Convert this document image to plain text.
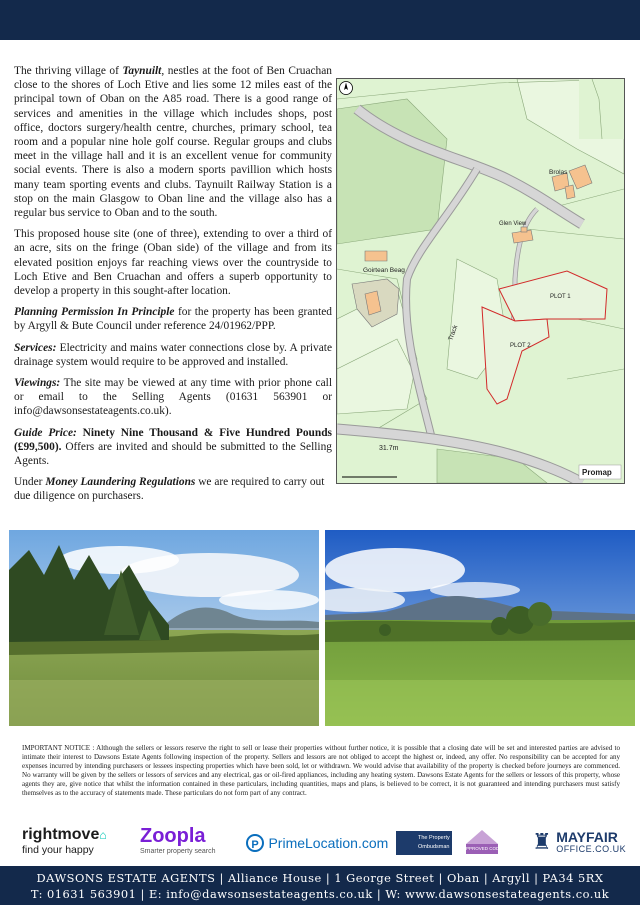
The thriving village of Taynuilt, nestles at the foot of Ben Cruachan close to the shores of Loch Etive and lies some 12 miles east of the principal town of Oban on the A85 road. There is a good range of services and amenities in the village which includes shops, post office, doctors surgery/health centre, churches, primary school, tea room and a popular nine hole golf course. Regular groups and clubs meet in the village hall and it is an excellent venue for community social events. There is also a modern sports pavillion which hosts many team sporting events and clubs. Taynuilt Railway Station is a stop on the main Glasgow to Oban line and the village also has a regular bus service to Oban and to the south.

This proposed house site (one of three), extending to over a third of an acre, sits on the fringe (Oban side) of the village and from its elevated position enjoys far reaching views over the countryside to Loch Etive and Ben Cruachan and offers a superb opportunity to develop a property in this sought-after location.

Planning Permission In Principle for the property has been granted by Argyll & Bute Council under reference 24/01962/PPP.

Services: Electricity and mains water connections close by. A private drainage system would require to be approved and installed.

Viewings: The site may be viewed at any time with prior phone call or email to the Selling Agents (01631 563901 or info@dawsonsestateagents.co.uk).

Guide Price: Ninety Nine Thousand & Five Hundred Pounds (£99,500). Offers are invited and should be submitted to the Selling Agents.

Under Money Laundering Regulations we are required to carry out due diligence on purchasers.

Brolas
Glen View
Goirtean Beag
Track
PLOT 1
PLOT 2
31.7m
Promap
IMPORTANT NOTICE : Although the sellers or lessors reserve the right to sell or lease their properties without further notice, it is possible that a closing date will be set and interested parties are advised to intimate their interest to Dawsons Estate Agents following inspection of the property. Sellers and lessors are not obliged to accept the highest or, indeed, any offer. No responsibility can be accepted for any expenses incurred by intending purchasers or lessees inspecting properties which have been sold, let or withdrawn. We would advise that availability of the property is checked before journeys are commenced. No warranty will be given by the sellers or lessors of services and any electrical, gas or oil-fired appliances, including any heating system. Dawsons Estate Agents for the sellers or lessors of this property, whose agents they are, give notice that whilst the information contained in these particulars, including quantities, maps and plans, is believed to be correct, it is not guaranteed and intending purchasers must satisfy themselves as to the accuracy of statements made. These particulars do not form part of any contract.
rightmove⌂
find your happy
Zoopla
Smarter property search
P PrimeLocation.com	The Property
Ombudsman	APPROVED CODE ♜ MAYFAIR
OFFICE.CO.UK
DAWSONS ESTATE AGENTS | Alliance House | 1 George Street | Oban | Argyll | PA34 5RX
T: 01631 563901 | E: info@dawsonsestateagents.co.uk | W: www.dawsonsestateagents.co.uk
